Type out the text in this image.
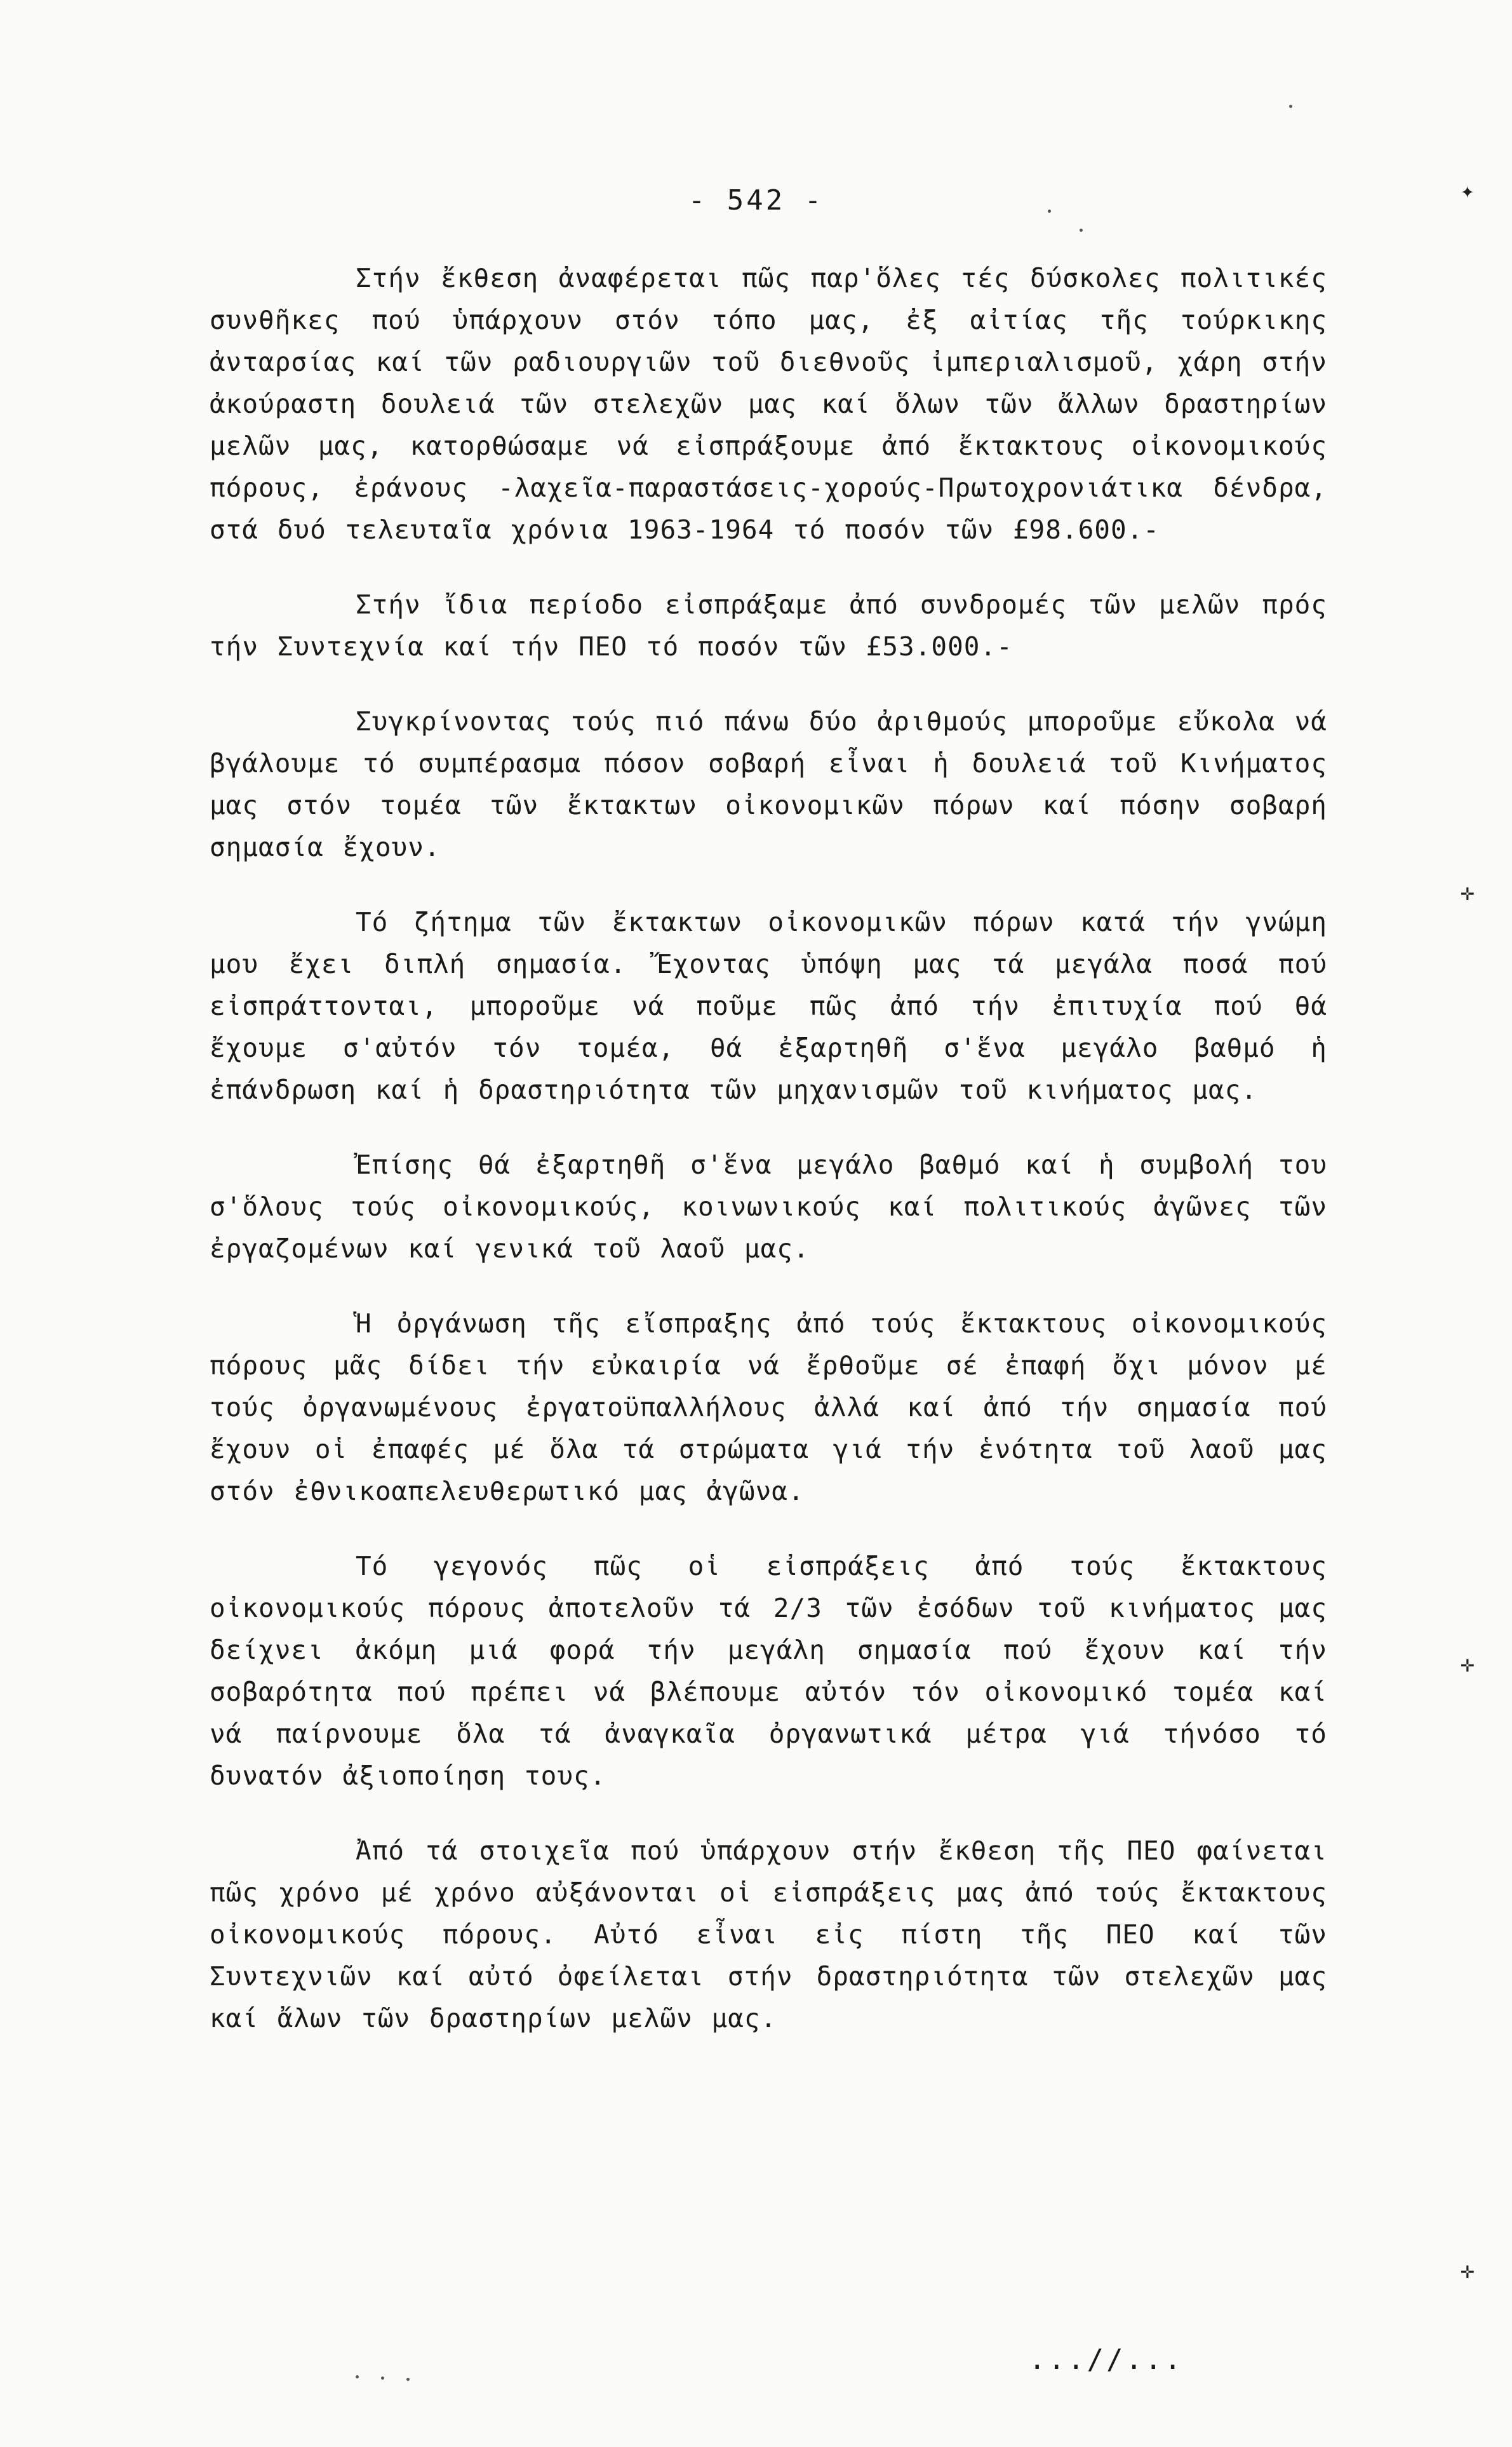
- 542 -

Στήν ἔκθεση ἀναφέρεται πῶς παρ'ὅλες τές δύσκολες πολιτικές συνθῆκες πού ὑπάρχουν στόν τόπο μας, ἐξ αἰτίας τῆς τούρκικης ἀνταρσίας καί τῶν ραδιουργιῶν τοῦ διεθνοῦς ἰμπεριαλισμοῦ, χάρη στήν ἀκούραστη δουλειά τῶν στελεχῶν μας καί ὅλων τῶν ἄλλων δραστηρίων μελῶν μας, κατορθώσαμε νά εἰσπράξουμε ἀπό ἔκτακτους οἰκονομικούς πόρους, ἐράνους -λαχεῖα-παραστάσεις-χορούς-Πρωτοχρονιάτικα δένδρα, στά δυό τελευταῖα χρόνια 1963-1964 τό ποσόν τῶν £98.600.-

Στήν ἴδια περίοδο εἰσπράξαμε ἀπό συνδρομές τῶν μελῶν πρός τήν Συντεχνία καί τήν ΠΕΟ τό ποσόν τῶν £53.000.-

Συγκρίνοντας τούς πιό πάνω δύο ἀριθμούς μποροῦμε εὔκολα νά βγάλουμε τό συμπέρασμα πόσον σοβαρή εἶναι ἡ δουλειά τοῦ Κινήματος μας στόν τομέα τῶν ἔκτακτων οἰκονομικῶν πόρων καί πόσην σοβαρή σημασία ἔχουν.

Τό ζήτημα τῶν ἔκτακτων οἰκονομικῶν πόρων κατά τήν γνώμη μου ἔχει διπλή σημασία. Ἔχοντας ὑπόψη μας τά μεγάλα ποσά πού εἰσπράττονται, μποροῦμε νά ποῦμε πῶς ἀπό τήν ἐπιτυχία πού θά ἔχουμε σ'αὐτόν τόν τομέα, θά ἐξαρτηθῆ σ'ἕνα μεγάλο βαθμό ἡ ἐπάνδρωση καί ἡ δραστηριότητα τῶν μηχανισμῶν τοῦ κινήματος μας.

Ἐπίσης θά ἐξαρτηθῆ σ'ἕνα μεγάλο βαθμό καί ἡ συμβολή του σ'ὅλους τούς οἰκονομικούς, κοινωνικούς καί πολιτικούς ἀγῶνες τῶν ἐργαζομένων καί γενικά τοῦ λαοῦ μας.

Ἡ ὀργάνωση τῆς εἴσπραξης ἀπό τούς ἔκτακτους οἰκονομικούς πόρους μᾶς δίδει τήν εὐκαιρία νά ἔρθοῦμε σέ ἐπαφή ὄχι μόνον μέ τούς ὀργανωμένους ἐργατοϋπαλλήλους ἀλλά καί ἀπό τήν σημασία πού ἔχουν οἱ ἐπαφές μέ ὅλα τά στρώματα γιά τήν ἑνότητα τοῦ λαοῦ μας στόν ἐθνικοαπελευθερωτικό μας ἀγῶνα.

Τό γεγονός πῶς οἱ εἰσπράξεις ἀπό τούς ἔκτακτους οἰκονομικούς πόρους ἀποτελοῦν τά 2/3 τῶν ἐσόδων τοῦ κινήματος μας δείχνει ἀκόμη μιά φορά τήν μεγάλη σημασία πού ἔχουν καί τήν σοβαρότητα πού πρέπει νά βλέπουμε αὐτόν τόν οἰκονομικό τομέα καί νά παίρνουμε ὅλα τά ἀναγκαῖα ὀργανωτικά μέτρα γιά τήνόσο τό δυνατόν ἀξιοποίηση τους.

Ἀπό τά στοιχεῖα πού ὑπάρχουν στήν ἔκθεση τῆς ΠΕΟ φαίνεται πῶς χρόνο μέ χρόνο αὐξάνονται οἱ εἰσπράξεις μας ἀπό τούς ἔκτακτους οἰκονομικούς πόρους. Αὐτό εἶναι εἰς πίστη τῆς ΠΕΟ καί τῶν Συντεχνιῶν καί αὐτό ὀφείλεται στήν δραστηριότητα τῶν στελεχῶν μας καί ἄλων τῶν δραστηρίων μελῶν μας.

...//...
✦
✛
✛
✛
